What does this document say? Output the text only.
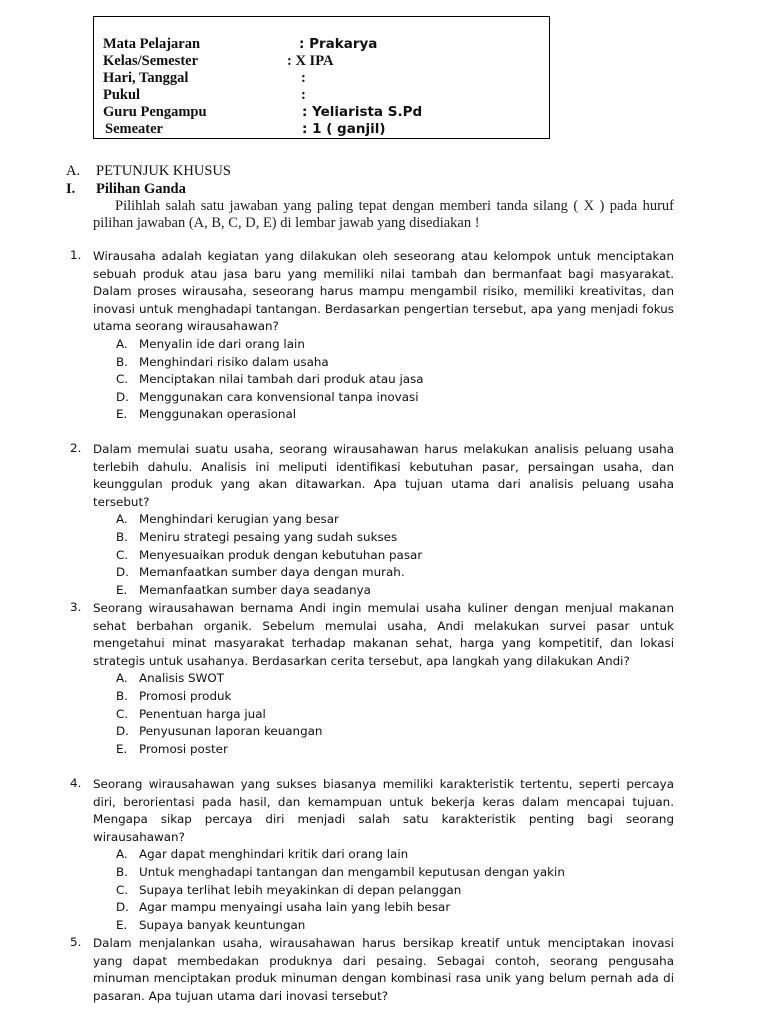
Mata Pelajaran	: Prakarya
Kelas/Semester	: X IPA
Hari, Tanggal	:
Pukul	:
Guru Pengampu	: Yeliarista S.Pd
Semeater	: 1 ( ganjil)
A. PETUNJUK KHUSUS
I. Pilihan Ganda
Pilihlah salah satu jawaban yang paling tepat dengan memberi tanda silang ( X ) pada huruf pilihan jawaban (A, B, C, D, E) di lembar jawab yang disediakan !
1. Wirausaha adalah kegiatan yang dilakukan oleh seseorang atau kelompok untuk menciptakan sebuah produk atau jasa baru yang memiliki nilai tambah dan bermanfaat bagi masyarakat. Dalam proses wirausaha, seseorang harus mampu mengambil risiko, memiliki kreativitas, dan inovasi untuk menghadapi tantangan. Berdasarkan pengertian tersebut, apa yang menjadi fokus utama seorang wirausahawan?
A. Menyalin ide dari orang lain
B. Menghindari risiko dalam usaha
C. Menciptakan nilai tambah dari produk atau jasa
D. Menggunakan cara konvensional tanpa inovasi
E. Menggunakan operasional
2. Dalam memulai suatu usaha, seorang wirausahawan harus melakukan analisis peluang usaha terlebih dahulu. Analisis ini meliputi identifikasi kebutuhan pasar, persaingan usaha, dan keunggulan produk yang akan ditawarkan. Apa tujuan utama dari analisis peluang usaha tersebut?
A. Menghindari kerugian yang besar
B. Meniru strategi pesaing yang sudah sukses
C. Menyesuaikan produk dengan kebutuhan pasar
D. Memanfaatkan sumber daya dengan murah.
E. Memanfaatkan sumber daya seadanya
3. Seorang wirausahawan bernama Andi ingin memulai usaha kuliner dengan menjual makanan sehat berbahan organik. Sebelum memulai usaha, Andi melakukan survei pasar untuk mengetahui minat masyarakat terhadap makanan sehat, harga yang kompetitif, dan lokasi strategis untuk usahanya. Berdasarkan cerita tersebut, apa langkah yang dilakukan Andi?
A. Analisis SWOT
B. Promosi produk
C. Penentuan harga jual
D. Penyusunan laporan keuangan
E. Promosi poster
4. Seorang wirausahawan yang sukses biasanya memiliki karakteristik tertentu, seperti percaya diri, berorientasi pada hasil, dan kemampuan untuk bekerja keras dalam mencapai tujuan. Mengapa sikap percaya diri menjadi salah satu karakteristik penting bagi seorang wirausahawan?
A. Agar dapat menghindari kritik dari orang lain
B. Untuk menghadapi tantangan dan mengambil keputusan dengan yakin
C. Supaya terlihat lebih meyakinkan di depan pelanggan
D. Agar mampu menyaingi usaha lain yang lebih besar
E. Supaya banyak keuntungan
5. Dalam menjalankan usaha, wirausahawan harus bersikap kreatif untuk menciptakan inovasi yang dapat membedakan produknya dari pesaing. Sebagai contoh, seorang pengusaha minuman menciptakan produk minuman dengan kombinasi rasa unik yang belum pernah ada di pasaran. Apa tujuan utama dari inovasi tersebut?
